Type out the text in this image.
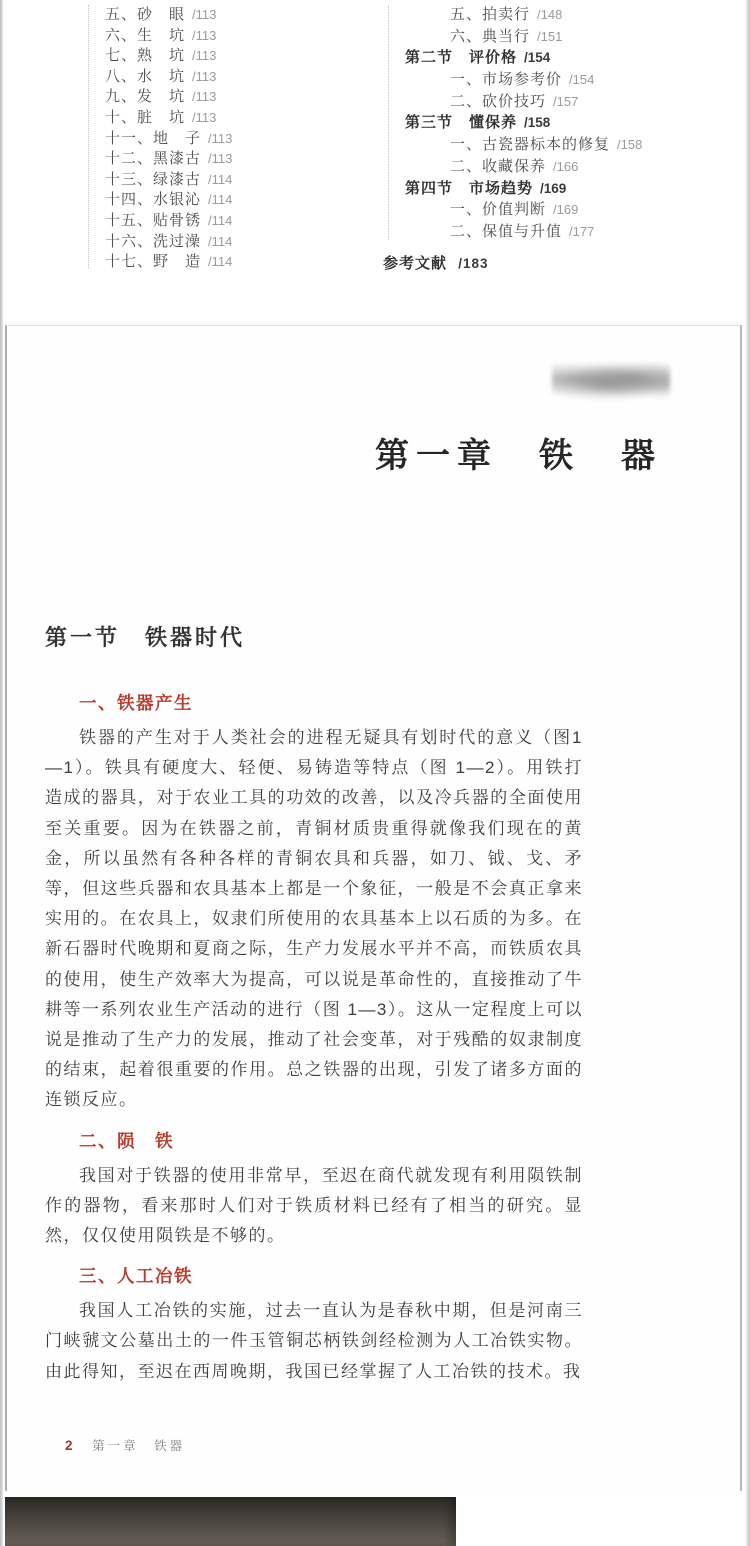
五、砂　眼 /113
六、生　坑 /113
七、熟　坑 /113
八、水　坑 /113
九、发　坑 /113
十、脏　坑 /113
十一、地　子 /113
十二、黑漆古 /113
十三、绿漆古 /114
十四、水银沁 /114
十五、贴骨锈 /114
十六、洗过澡 /114
十七、野　造 /114
五、拍卖行 /148
六、典当行 /151
第二节　评价格 /154
一、市场参考价 /154
二、砍价技巧 /157
第三节　懂保养 /158
一、古瓷器标本的修复 /158
二、收藏保养 /166
第四节　市场趋势 /169
一、价值判断 /169
二、保值与升值 /177
参考文献 /183
第一章　铁　器
第一节　铁器时代
一、铁器产生

铁器的产生对于人类社会的进程无疑具有划时代的意义（图1—1）。铁具有硬度大、轻便、易铸造等特点（图 1—2）。用铁打造成的器具，对于农业工具的功效的改善，以及冷兵器的全面使用至关重要。因为在铁器之前，青铜材质贵重得就像我们现在的黄金，所以虽然有各种各样的青铜农具和兵器，如刀、钺、戈、矛等，但这些兵器和农具基本上都是一个象征，一般是不会真正拿来实用的。在农具上，奴隶们所使用的农具基本上以石质的为多。在新石器时代晚期和夏商之际，生产力发展水平并不高，而铁质农具的使用，使生产效率大为提高，可以说是革命性的，直接推动了牛耕等一系列农业生产活动的进行（图 1—3）。这从一定程度上可以说是推动了生产力的发展，推动了社会变革，对于残酷的奴隶制度的结束，起着很重要的作用。总之铁器的出现，引发了诸多方面的连锁反应。

二、陨　铁

我国对于铁器的使用非常早，至迟在商代就发现有利用陨铁制作的器物，看来那时人们对于铁质材料已经有了相当的研究。显然，仅仅使用陨铁是不够的。

三、人工冶铁

我国人工冶铁的实施，过去一直认为是春秋中期，但是河南三门峡虢文公墓出土的一件玉管铜芯柄铁剑经检测为人工冶铁实物。由此得知，至迟在西周晚期，我国已经掌握了人工冶铁的技术。我

2 第一章　铁器
